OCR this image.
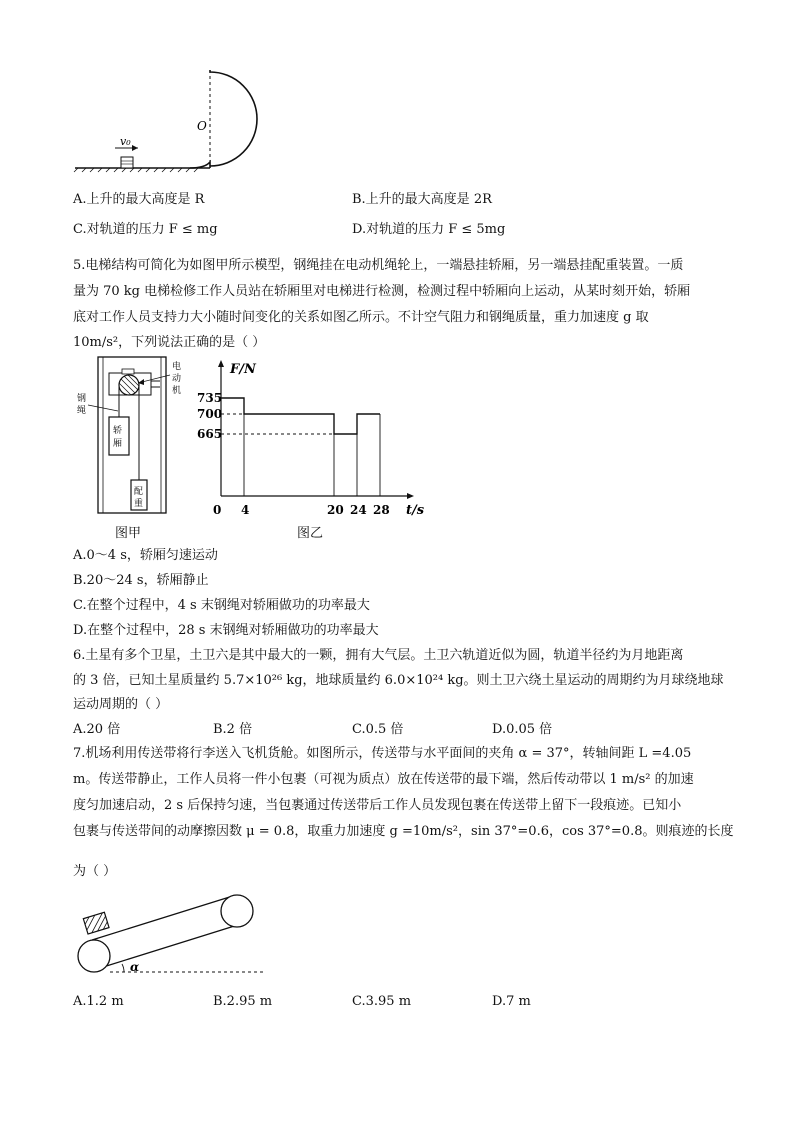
v₀
O
A.上升的最大高度是 R	B.上升的最大高度是 2R
C.对轨道的压力 F ≤ mg	D.对轨道的压力 F ≤ 5mg
5.电梯结构可简化为如图甲所示模型，钢绳挂在电动机绳轮上，一端悬挂轿厢，另一端悬挂配重装置。一质
量为 70 kg 电梯检修工作人员站在轿厢里对电梯进行检测，检测过程中轿厢向上运动，从某时刻开始，轿厢
底对工作人员支持力大小随时间变化的关系如图乙所示。不计空气阻力和钢绳质量，重力加速度 g 取
10m/s²，下列说法正确的是（ ）
轿
厢
配
重
钢
绳
电
动
机
图甲
F/N
t/s
665
700
735
0 4	20 24 28
图乙
A.0～4 s，轿厢匀速运动
B.20～24 s，轿厢静止
C.在整个过程中，4 s 末钢绳对轿厢做功的功率最大
D.在整个过程中，28 s 末钢绳对轿厢做功的功率最大
6.土星有多个卫星，土卫六是其中最大的一颗，拥有大气层。土卫六轨道近似为圆，轨道半径约为月地距离
的 3 倍，已知土星质量约 5.7×10²⁶ kg，地球质量约 6.0×10²⁴ kg。则土卫六绕土星运动的周期约为月球绕地球
运动周期的（ ）
A.20 倍	B.2 倍	C.0.5 倍	D.0.05 倍
7.机场利用传送带将行李送入飞机货舱。如图所示，传送带与水平面间的夹角 α = 37°，转轴间距 L =4.05
m。传送带静止，工作人员将一件小包裹（可视为质点）放在传送带的最下端，然后传动带以 1 m/s² 的加速
度匀加速启动，2 s 后保持匀速，当包裹通过传送带后工作人员发现包裹在传送带上留下一段痕迹。已知小
包裹与传送带间的动摩擦因数 μ = 0.8，取重力加速度 g =10m/s²，sin 37°=0.6，cos 37°=0.8。则痕迹的长度
为（ ）
α
A.1.2 m	B.2.95 m	C.3.95 m	D.7 m
